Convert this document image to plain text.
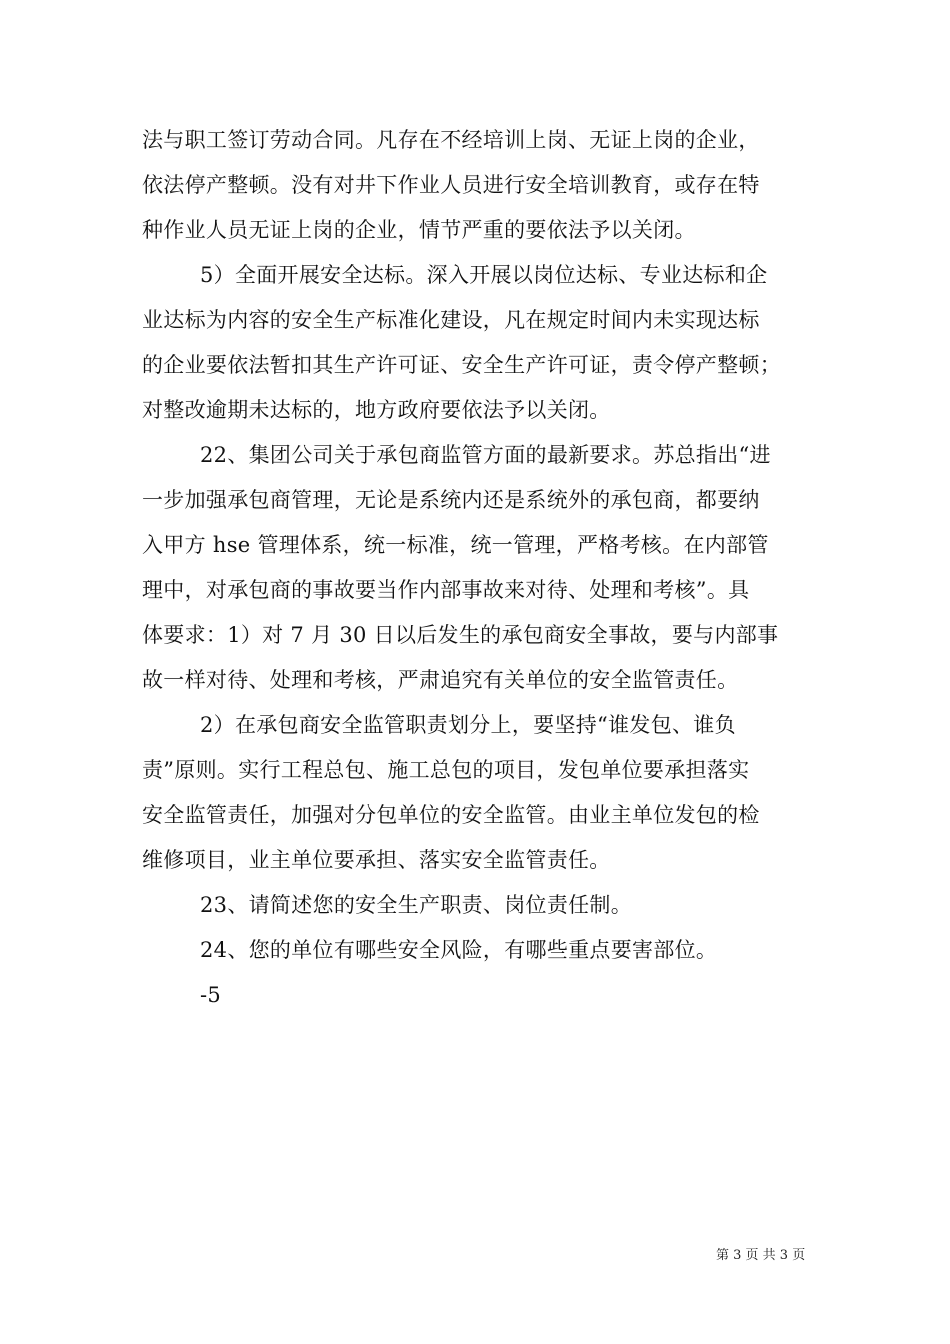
法与职工签订劳动合同。凡存在不经培训上岗、无证上岗的企业，
依法停产整顿。没有对井下作业人员进行安全培训教育，或存在特
种作业人员无证上岗的企业，情节严重的要依法予以关闭。
5）全面开展安全达标。深入开展以岗位达标、专业达标和企
业达标为内容的安全生产标准化建设，凡在规定时间内未实现达标
的企业要依法暂扣其生产许可证、安全生产许可证，责令停产整顿；
对整改逾期未达标的，地方政府要依法予以关闭。
22、集团公司关于承包商监管方面的最新要求。苏总指出“进
一步加强承包商管理，无论是系统内还是系统外的承包商，都要纳
入甲方 hse 管理体系，统一标准，统一管理，严格考核。在内部管
理中，对承包商的事故要当作内部事故来对待、处理和考核”。具
体要求：1）对 7 月 30 日以后发生的承包商安全事故，要与内部事
故一样对待、处理和考核，严肃追究有关单位的安全监管责任。
2）在承包商安全监管职责划分上，要坚持“谁发包、谁负
责”原则。实行工程总包、施工总包的项目，发包单位要承担落实
安全监管责任，加强对分包单位的安全监管。由业主单位发包的检
维修项目，业主单位要承担、落实安全监管责任。
23、请简述您的安全生产职责、岗位责任制。
24、您的单位有哪些安全风险，有哪些重点要害部位。
-5
第 3 页 共 3 页
